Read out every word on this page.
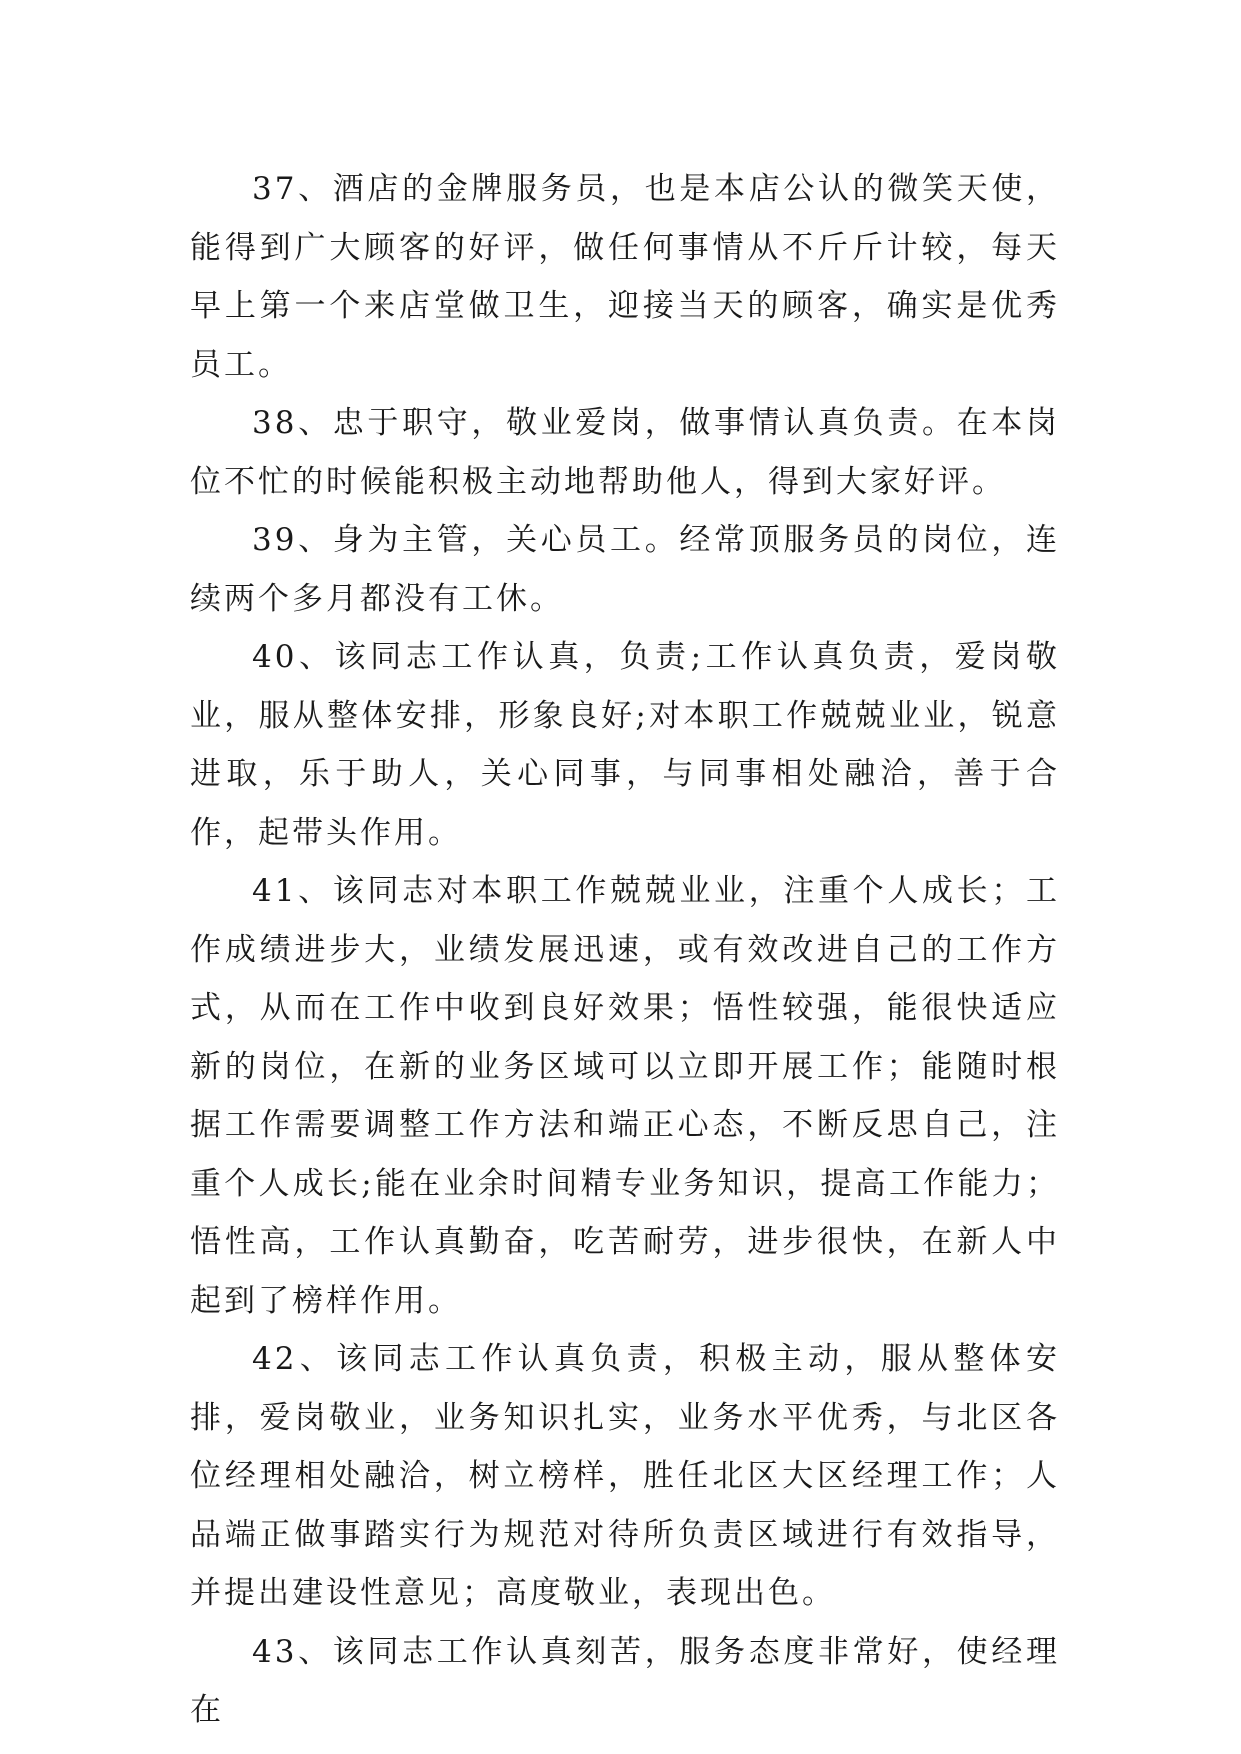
37、酒店的金牌服务员，也是本店公认的微笑天使，能得到广大顾客的好评，做任何事情从不斤斤计较，每天早上第一个来店堂做卫生，迎接当天的顾客，确实是优秀员工。

38、忠于职守，敬业爱岗，做事情认真负责。在本岗位不忙的时候能积极主动地帮助他人，得到大家好评。

39、身为主管，关心员工。经常顶服务员的岗位，连续两个多月都没有工休。

40、该同志工作认真，负责;工作认真负责，爱岗敬业，服从整体安排，形象良好;对本职工作兢兢业业，锐意进取，乐于助人，关心同事，与同事相处融洽，善于合作，起带头作用。

41、该同志对本职工作兢兢业业，注重个人成长；工作成绩进步大，业绩发展迅速，或有效改进自己的工作方式，从而在工作中收到良好效果；悟性较强，能很快适应新的岗位，在新的业务区域可以立即开展工作；能随时根据工作需要调整工作方法和端正心态，不断反思自己，注重个人成长;能在业余时间精专业务知识，提高工作能力；悟性高，工作认真勤奋，吃苦耐劳，进步很快，在新人中起到了榜样作用。

42、该同志工作认真负责，积极主动，服从整体安排，爱岗敬业，业务知识扎实，业务水平优秀，与北区各位经理相处融洽，树立榜样，胜任北区大区经理工作；人品端正做事踏实行为规范对待所负责区域进行有效指导，并提出建设性意见；高度敬业，表现出色。

43、该同志工作认真刻苦，服务态度非常好，使经理在
